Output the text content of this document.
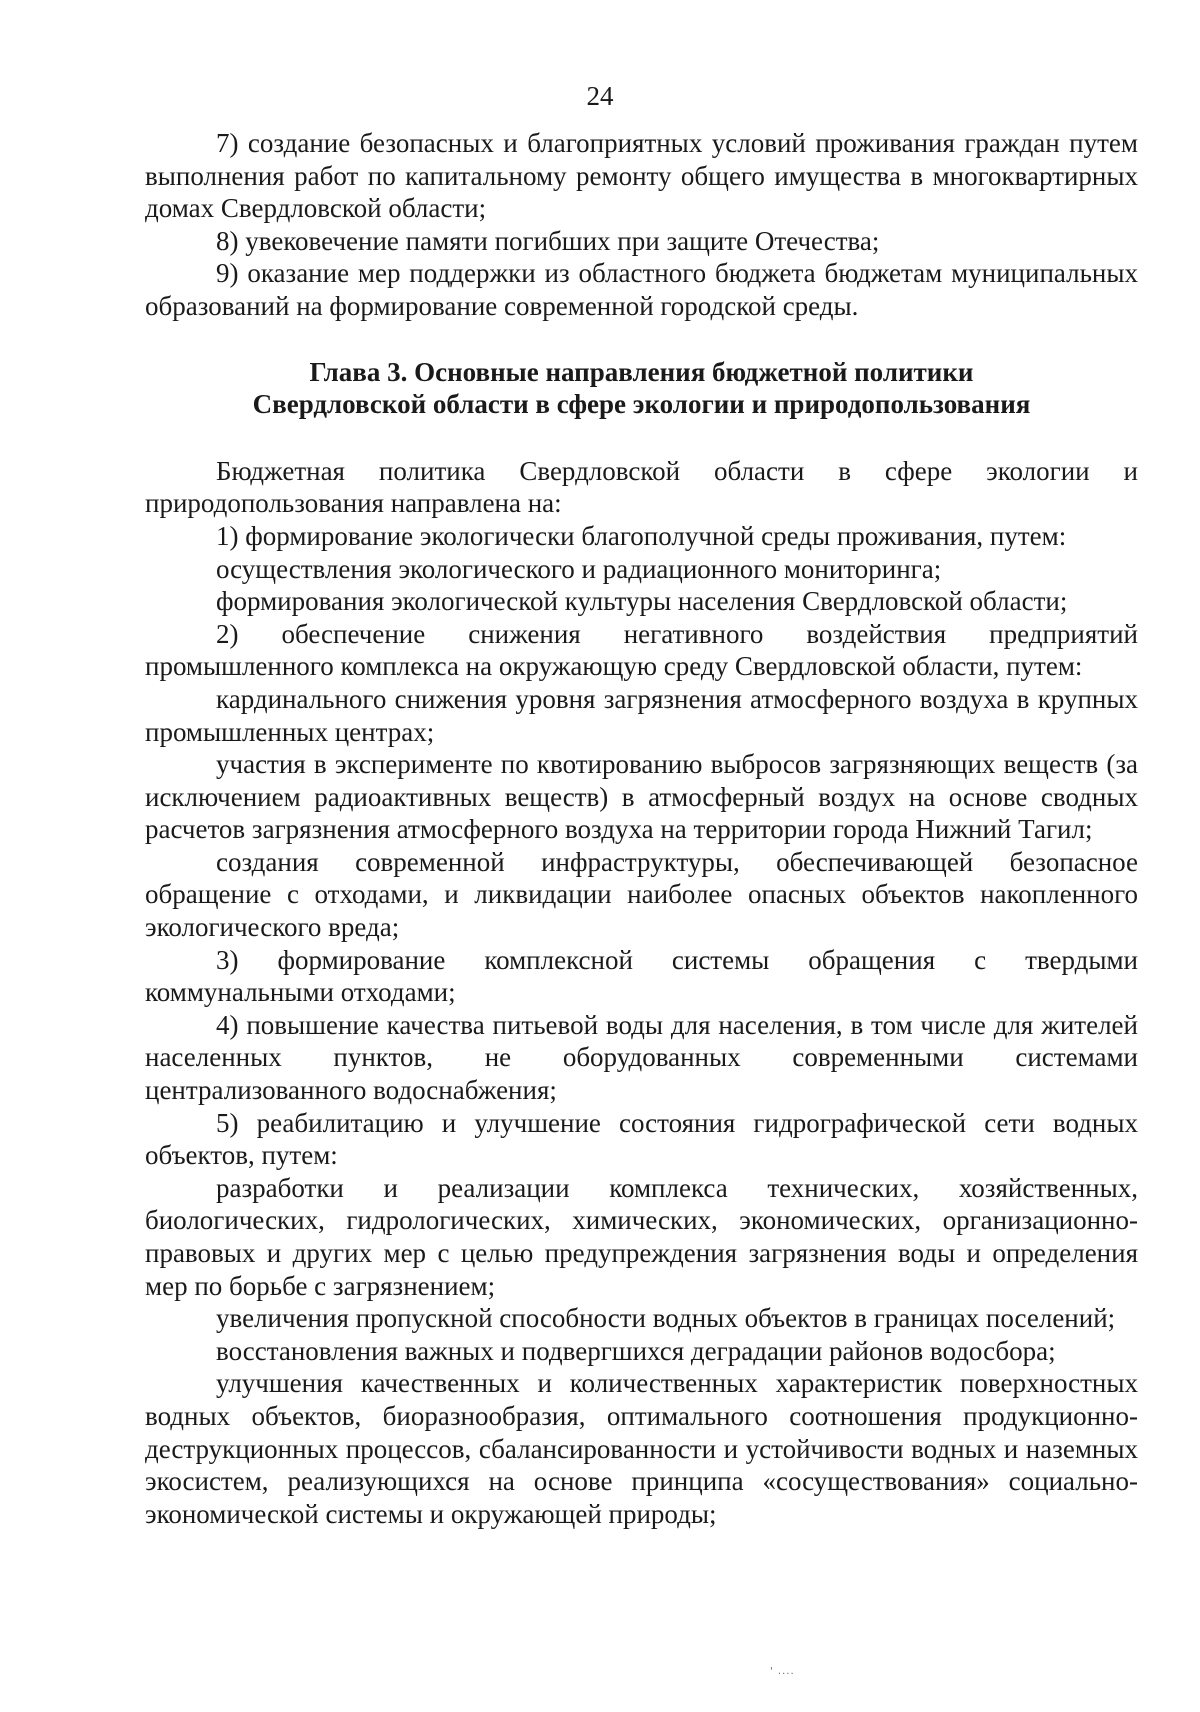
24

7) создание безопасных и благоприятных условий проживания граждан путем выполнения работ по капитальному ремонту общего имущества в многоквартирных домах Свердловской области;

8) увековечение памяти погибших при защите Отечества;

9) оказание мер поддержки из областного бюджета бюджетам муниципальных образований на формирование современной городской среды.

Глава 3. Основные направления бюджетной политики
Свердловской области в сфере экологии и природопользования

Бюджетная политика Свердловской области в сфере экологии и природопользования направлена на:

1) формирование экологически благополучной среды проживания, путем:

осуществления экологического и радиационного мониторинга;

формирования экологической культуры населения Свердловской области;

2) обеспечение снижения негативного воздействия предприятий промышленного комплекса на окружающую среду Свердловской области, путем:

кардинального снижения уровня загрязнения атмосферного воздуха в крупных промышленных центрах;

участия в эксперименте по квотированию выбросов загрязняющих веществ (за исключением радиоактивных веществ) в атмосферный воздух на основе сводных расчетов загрязнения атмосферного воздуха на территории города Нижний Тагил;

создания современной инфраструктуры, обеспечивающей безопасное обращение с отходами, и ликвидации наиболее опасных объектов накопленного экологического вреда;

3) формирование комплексной системы обращения с твердыми коммунальными отходами;

4) повышение качества питьевой воды для населения, в том числе для жителей населенных пунктов, не оборудованных современными системами централизованного водоснабжения;

5) реабилитацию и улучшение состояния гидрографической сети водных объектов, путем:

разработки и реализации комплекса технических, хозяйственных, биологических, гидрологических, химических, экономических, организационно-правовых и других мер с целью предупреждения загрязнения воды и определения мер по борьбе с загрязнением;

увеличения пропускной способности водных объектов в границах поселений;

восстановления важных и подвергшихся деградации районов водосбора;

улучшения качественных и количественных характеристик поверхностных водных объектов, биоразнообразия, оптимального соотношения продукционно-деструкционных процессов, сбалансированности и устойчивости водных и наземных экосистем, реализующихся на основе принципа «сосуществования» социально-экономической системы и окружающей природы;

' ....
